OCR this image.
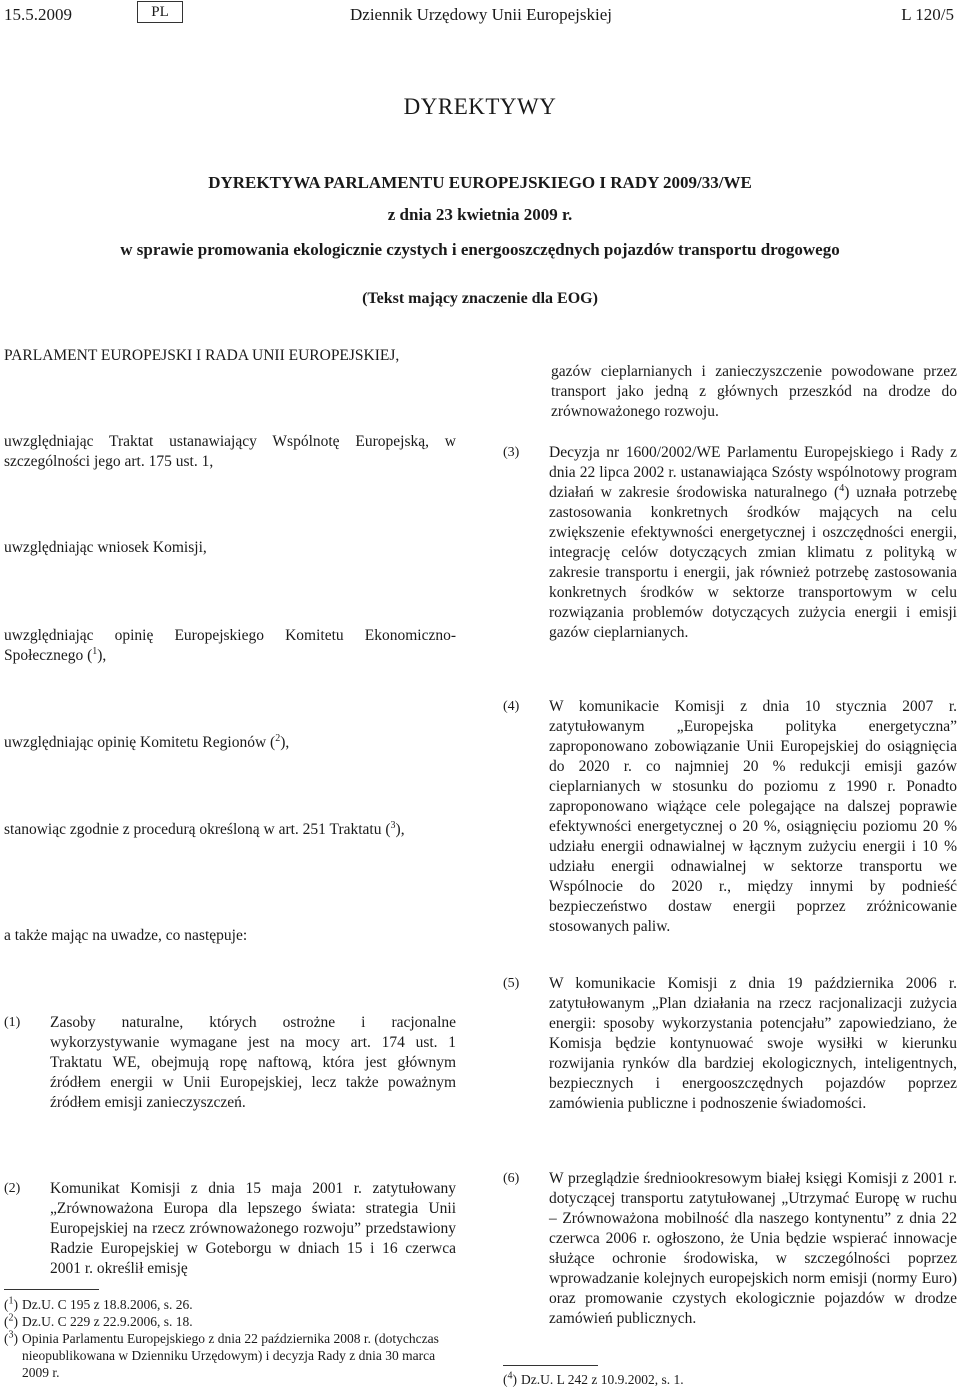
15.5.2009	PL	Dziennik Urzędowy Unii Europejskiej	L 120/5
DYREKTYWY
DYREKTYWA PARLAMENTU EUROPEJSKIEGO I RADY 2009/33/WE
z dnia 23 kwietnia 2009 r.
w sprawie promowania ekologicznie czystych i energooszczędnych pojazdów transportu drogowego
(Tekst mający znaczenie dla EOG)

PARLAMENT EUROPEJSKI I RADA UNII EUROPEJSKIEJ,

uwzględniając Traktat ustanawiający Wspólnotę Europejską, w szczególności jego art. 175 ust. 1,

uwzględniając wniosek Komisji,

uwzględniając opinię Europejskiego Komitetu Ekonomiczno-Społecznego ($^1$),

uwzględniając opinię Komitetu Regionów ($^2$),

stanowiąc zgodnie z procedurą określoną w art. 251 Traktatu ($^3$),

a także mając na uwadze, co następuje:

(1)	Zasoby naturalne, których ostrożne i racjonalne wykorzystywanie wymagane jest na mocy art. 174 ust. 1 Traktatu WE, obejmują ropę naftową, która jest głównym źródłem energii w Unii Europejskiej, lecz także poważnym źródłem emisji zanieczyszczeń.
(2)	Komunikat Komisji z dnia 15 maja 2001 r. zatytułowany „Zrównoważona Europa dla lepszego świata: strategia Unii Europejskiej na rzecz zrównoważonego rozwoju” przedstawiony Radzie Europejskiej w Goteborgu w dniach 15 i 16 czerwca 2001 r. określił emisję
($^1$) Dz.U. C 195 z 18.8.2006, s. 26.
($^2$) Dz.U. C 229 z 22.9.2006, s. 18.
($^3$) Opinia Parlamentu Europejskiego z dnia 22 października 2008 r. (dotychczas nieopublikowana w Dzienniku Urzędowym) i decyzja Rady z dnia 30 marca 2009 r.

gazów cieplarnianych i zanieczyszczenie powodowane przez transport jako jedną z głównych przeszkód na drodze do zrównoważonego rozwoju.

(3)	Decyzja nr 1600/2002/WE Parlamentu Europejskiego i Rady z dnia 22 lipca 2002 r. ustanawiająca Szósty wspólnotowy program działań w zakresie środowiska naturalnego ($^4$) uznała potrzebę zastosowania konkretnych środków mających na celu zwiększenie efektywności energetycznej i oszczędności energii, integrację celów dotyczących zmian klimatu z polityką w zakresie transportu i energii, jak również potrzebę zastosowania konkretnych środków w sektorze transportowym w celu rozwiązania problemów dotyczących zużycia energii i emisji gazów cieplarnianych.
(4)	W komunikacie Komisji z dnia 10 stycznia 2007 r. zatytułowanym „Europejska polityka energetyczna” zaproponowano zobowiązanie Unii Europejskiej do osiągnięcia do 2020 r. co najmniej 20 % redukcji emisji gazów cieplarnianych w stosunku do poziomu z 1990 r. Ponadto zaproponowano wiążące cele polegające na dalszej poprawie efektywności energetycznej o 20 %, osiągnięciu poziomu 20 % udziału energii odnawialnej w łącznym zużyciu energii i 10 % udziału energii odnawialnej w sektorze transportu we Wspólnocie do 2020 r., między innymi by podnieść bezpieczeństwo dostaw energii poprzez zróżnicowanie stosowanych paliw.
(5)	W komunikacie Komisji z dnia 19 października 2006 r. zatytułowanym „Plan działania na rzecz racjonalizacji zużycia energii: sposoby wykorzystania potencjału” zapowiedziano, że Komisja będzie kontynuować swoje wysiłki w kierunku rozwijania rynków dla bardziej ekologicznych, inteligentnych, bezpiecznych i energooszczędnych pojazdów poprzez zamówienia publiczne i podnoszenie świadomości.
(6)	W przeglądzie średniookresowym białej księgi Komisji z 2001 r. dotyczącej transportu zatytułowanej „Utrzymać Europę w ruchu – Zrównoważona mobilność dla naszego kontynentu” z dnia 22 czerwca 2006 r. ogłoszono, że Unia będzie wspierać innowacje służące ochronie środowiska, w szczególności poprzez wprowadzanie kolejnych europejskich norm emisji (normy Euro) oraz promowanie czystych ekologicznie pojazdów w drodze zamówień publicznych.
($^4$) Dz.U. L 242 z 10.9.2002, s. 1.
